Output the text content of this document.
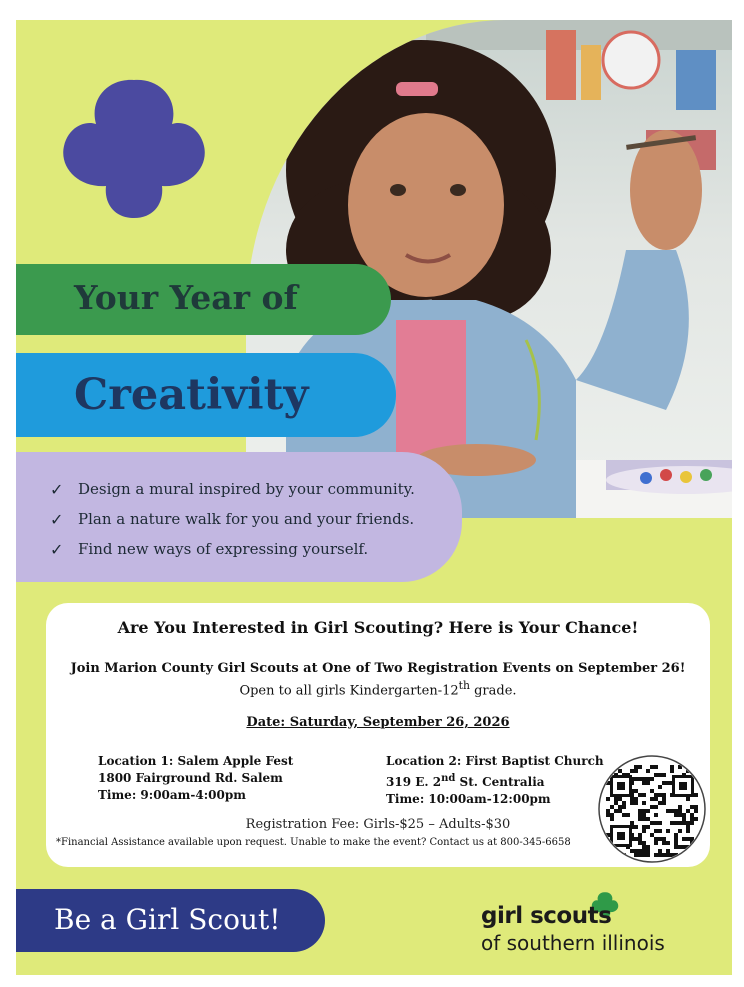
Your Year of
Creativity
✓ Design a mural inspired by your community.
✓ Plan a nature walk for you and your friends.
✓ Find new ways of expressing yourself.
Are You Interested in Girl Scouting? Here is Your Chance!
Join Marion County Girl Scouts at One of Two Registration Events on September 26!
Open to all girls Kindergarten-12th grade.
Date: Saturday, September 26, 2026
Location 1: Salem Apple Fest
1800 Fairground Rd. Salem
Time: 9:00am-4:00pm
Location 2: First Baptist Church
319 E. 2nd St. Centralia
Time: 10:00am-12:00pm
Registration Fee: Girls-$25 – Adults-$30
*Financial Assistance available upon request. Unable to make the event? Contact us at 800-345-6658
Be a Girl Scout!	girl scouts
of southern illinois
